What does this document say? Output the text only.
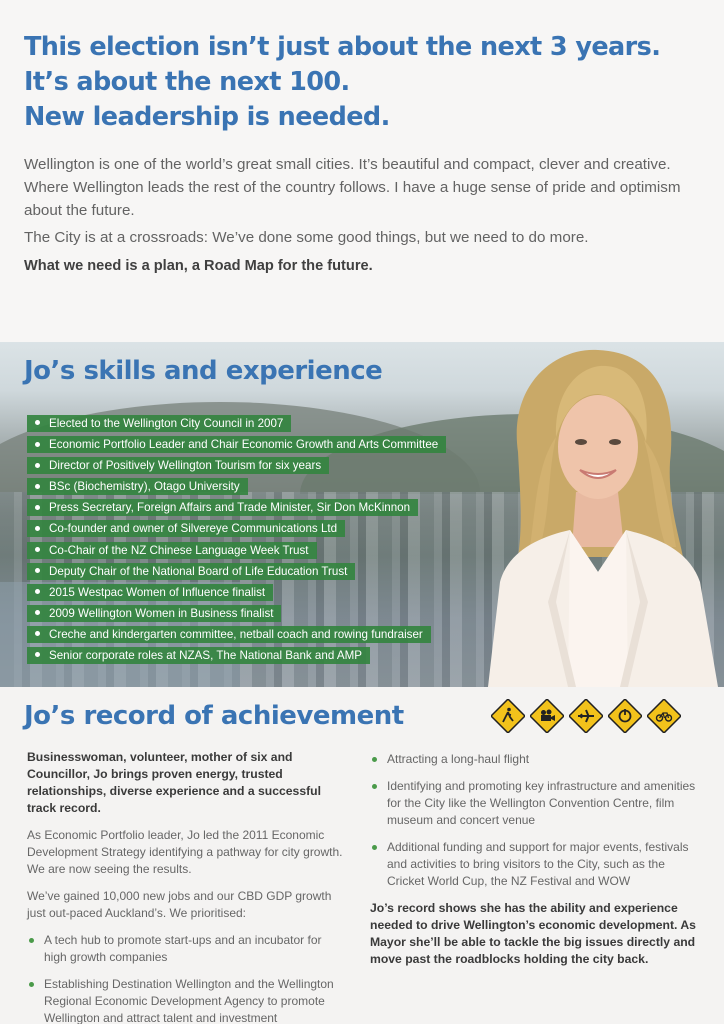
This election isn’t just about the next 3 years.
It’s about the next 100.
New leadership is needed.

Wellington is one of the world’s great small cities. It’s beautiful and compact, clever and creative. Where Wellington leads the rest of the country follows. I have a huge sense of pride and optimism about the future.

The City is at a crossroads: We’ve done some good things, but we need to do more.

What we need is a plan, a Road Map for the future.

Jo’s skills and experience
Elected to the Wellington City Council in 2007
Economic Portfolio Leader and Chair Economic Growth and Arts Committee
Director of Positively Wellington Tourism for six years
BSc (Biochemistry), Otago University
Press Secretary, Foreign Affairs and Trade Minister, Sir Don McKinnon
Co-founder and owner of Silvereye Communications Ltd
Co-Chair of the NZ Chinese Language Week Trust
Deputy Chair of the National Board of Life Education Trust
2015 Westpac Women of Influence finalist
2009 Wellington Women in Business finalist
Creche and kindergarten committee, netball coach and rowing fundraiser
Senior corporate roles at NZAS, The National Bank and AMP
Jo’s record of achievement

Businesswoman, volunteer, mother of six and Councillor, Jo brings proven energy, trusted relationships, diverse experience and a successful track record.

As Economic Portfolio leader, Jo led the 2011 Economic Development Strategy identifying a pathway for city growth. We are now seeing the results.

We’ve gained 10,000 new jobs and our CBD GDP growth just out-paced Auckland’s. We prioritised:

A tech hub to promote start-ups and an incubator for high growth companies
Establishing Destination Wellington and the Wellington Regional Economic Development Agency to promote Wellington and attract talent and investment
Attracting a long-haul flight
Identifying and promoting key infrastructure and amenities for the City like the Wellington Convention Centre, film museum and concert venue
Additional funding and support for major events, festivals and activities to bring visitors to the City, such as the Cricket World Cup, the NZ Festival and WOW

Jo’s record shows she has the ability and experience needed to drive Wellington’s economic development. As Mayor she’ll be able to tackle the big issues directly and move past the roadblocks holding the city back.
